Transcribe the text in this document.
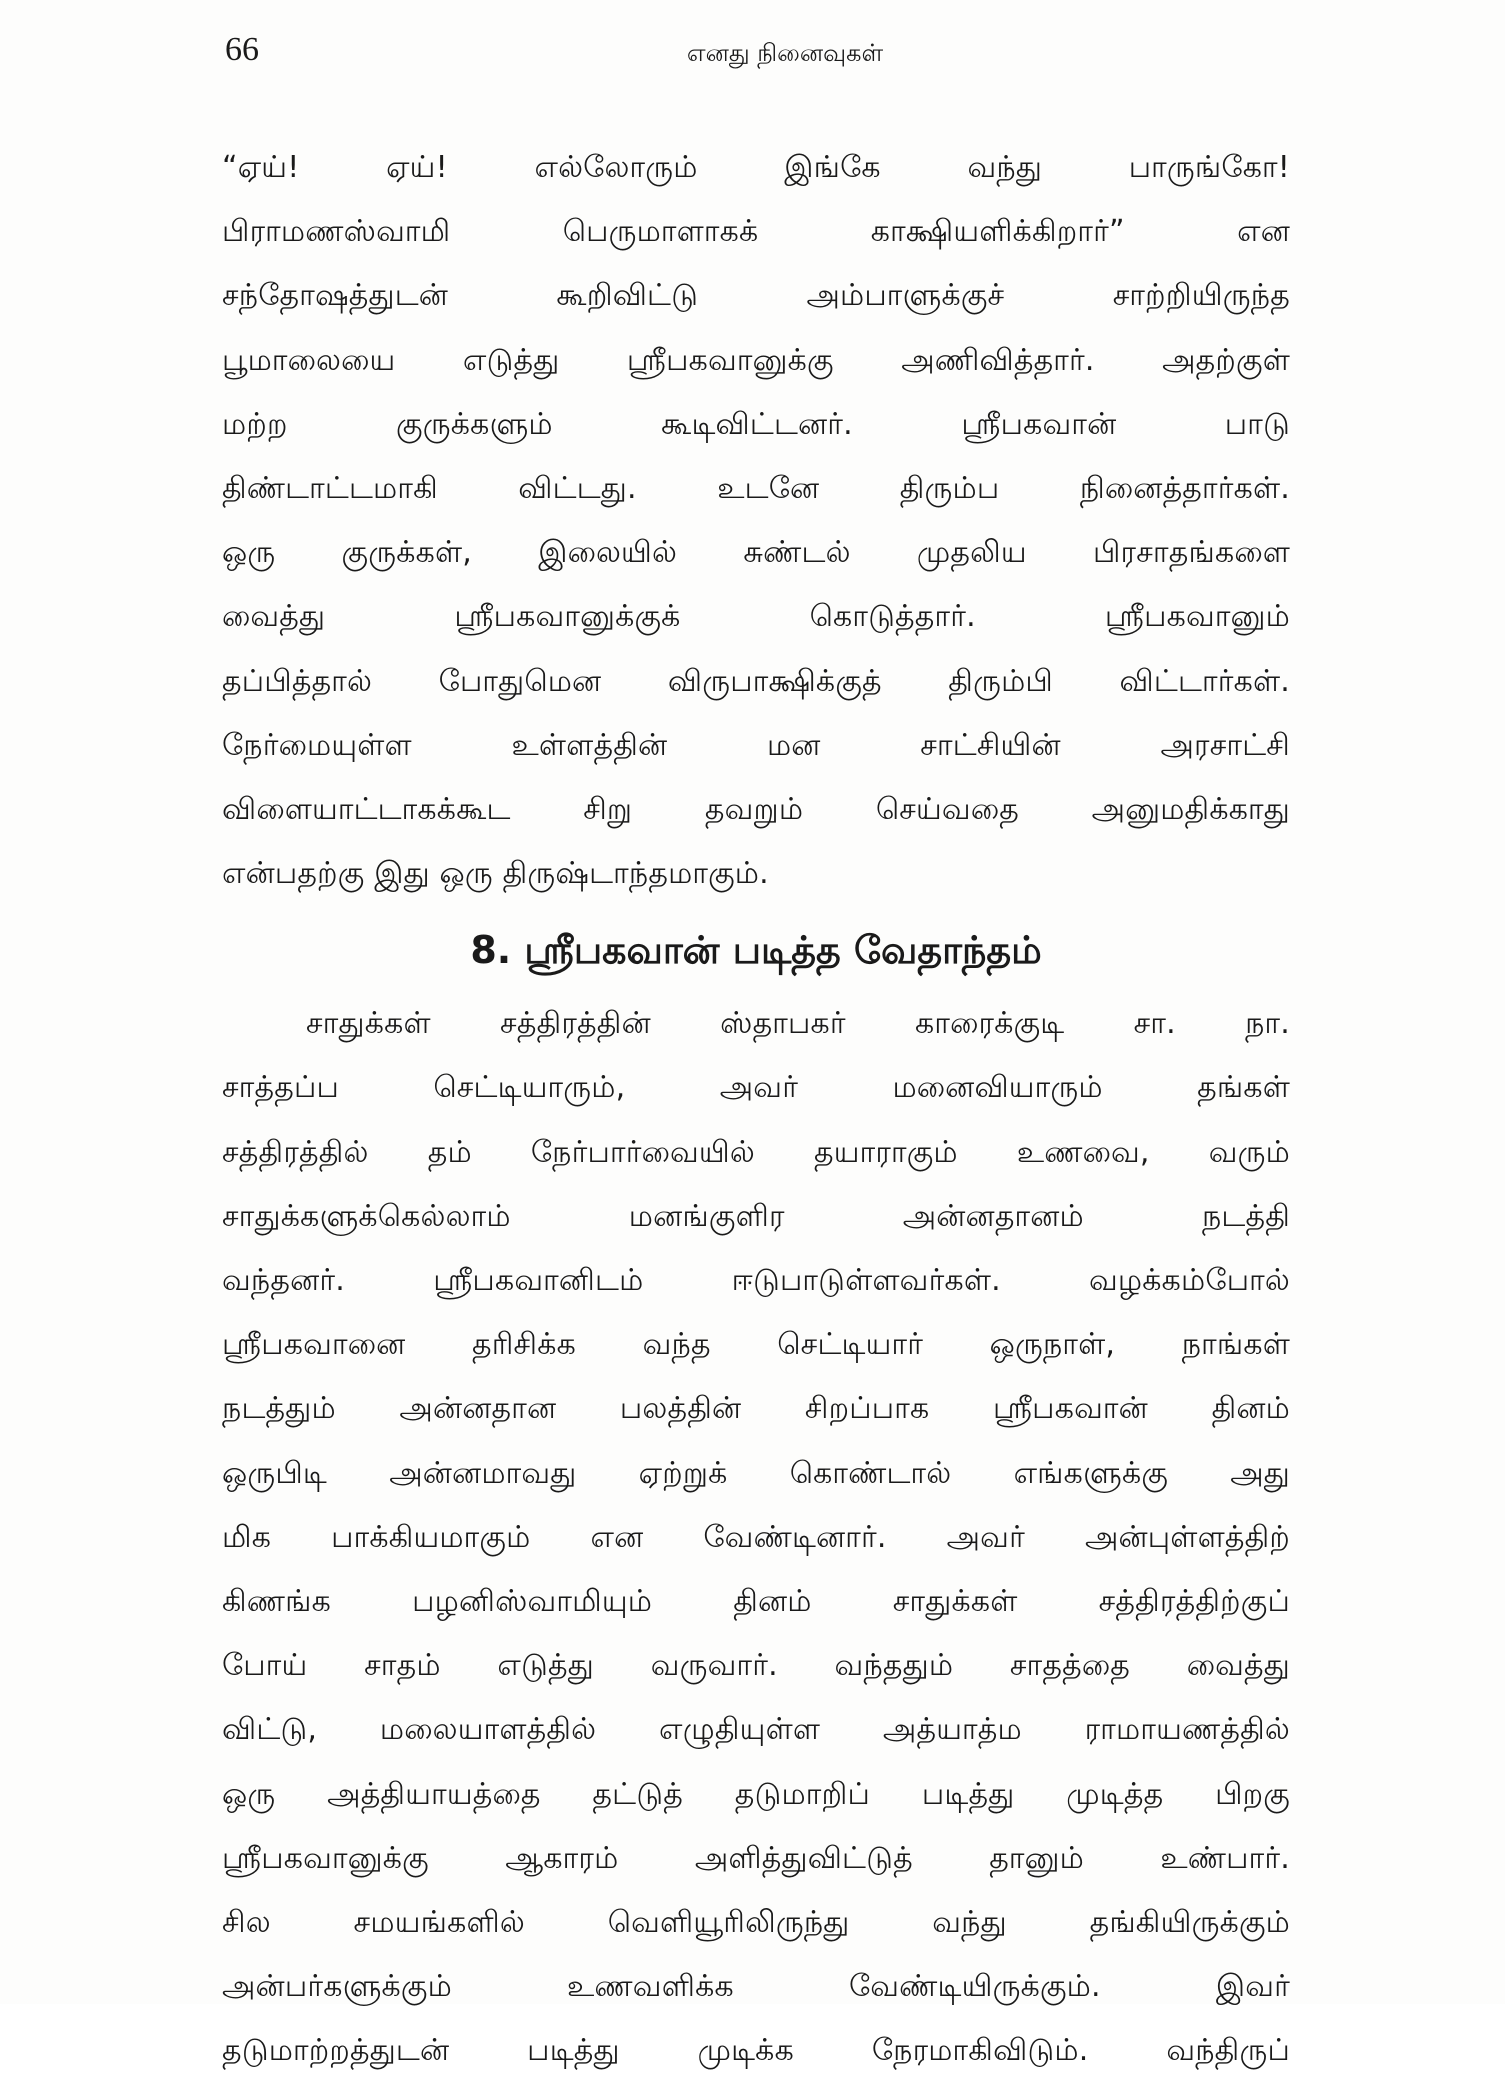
66	எனது நினைவுகள்
“ஏய்! ஏய்! எல்லோரும் இங்கே வந்து பாருங்கோ!
பிராமணஸ்வாமி பெருமாளாகக் காக்ஷியளிக்கிறார்” என
சந்தோஷத்துடன் கூறிவிட்டு அம்பாளுக்குச் சாற்றியிருந்த
பூமாலையை எடுத்து ஸ்ரீபகவானுக்கு அணிவித்தார். அதற்குள்
மற்ற குருக்களும் கூடிவிட்டனர். ஸ்ரீபகவான் பாடு
திண்டாட்டமாகி விட்டது. உடனே திரும்ப நினைத்தார்கள்.
ஒரு குருக்கள், இலையில் சுண்டல் முதலிய பிரசாதங்களை
வைத்து ஸ்ரீபகவானுக்குக் கொடுத்தார். ஸ்ரீபகவானும்
தப்பித்தால் போதுமென விருபாக்ஷிக்குத் திரும்பி விட்டார்கள்.
நேர்மையுள்ள உள்ளத்தின் மன சாட்சியின் அரசாட்சி
விளையாட்டாகக்கூட சிறு தவறும் செய்வதை அனுமதிக்காது
என்பதற்கு இது ஒரு திருஷ்டாந்தமாகும்.
8. ஸ்ரீபகவான் படித்த வேதாந்தம்
சாதுக்கள் சத்திரத்தின் ஸ்தாபகர் காரைக்குடி சா. நா.
சாத்தப்ப செட்டியாரும், அவர் மனைவியாரும் தங்கள்
சத்திரத்தில் தம் நேர்பார்வையில் தயாராகும் உணவை, வரும்
சாதுக்களுக்கெல்லாம் மனங்குளிர அன்னதானம் நடத்தி
வந்தனர். ஸ்ரீபகவானிடம் ஈடுபாடுள்ளவர்கள். வழக்கம்போல்
ஸ்ரீபகவானை தரிசிக்க வந்த செட்டியார் ஒருநாள், நாங்கள்
நடத்தும் அன்னதான பலத்தின் சிறப்பாக ஸ்ரீபகவான் தினம்
ஒருபிடி அன்னமாவது ஏற்றுக் கொண்டால் எங்களுக்கு அது
மிக பாக்கியமாகும் என வேண்டினார். அவர் அன்புள்ளத்திற்
கிணங்க பழனிஸ்வாமியும் தினம் சாதுக்கள் சத்திரத்திற்குப்
போய் சாதம் எடுத்து வருவார். வந்ததும் சாதத்தை வைத்து
விட்டு, மலையாளத்தில் எழுதியுள்ள அத்யாத்ம ராமாயணத்தில்
ஒரு அத்தியாயத்தை தட்டுத் தடுமாறிப் படித்து முடித்த பிறகு
ஸ்ரீபகவானுக்கு ஆகாரம் அளித்துவிட்டுத் தானும் உண்பார்.
சில சமயங்களில் வெளியூரிலிருந்து வந்து தங்கியிருக்கும்
அன்பர்களுக்கும் உணவளிக்க வேண்டியிருக்கும். இவர்
தடுமாற்றத்துடன் படித்து முடிக்க நேரமாகிவிடும். வந்திருப்
